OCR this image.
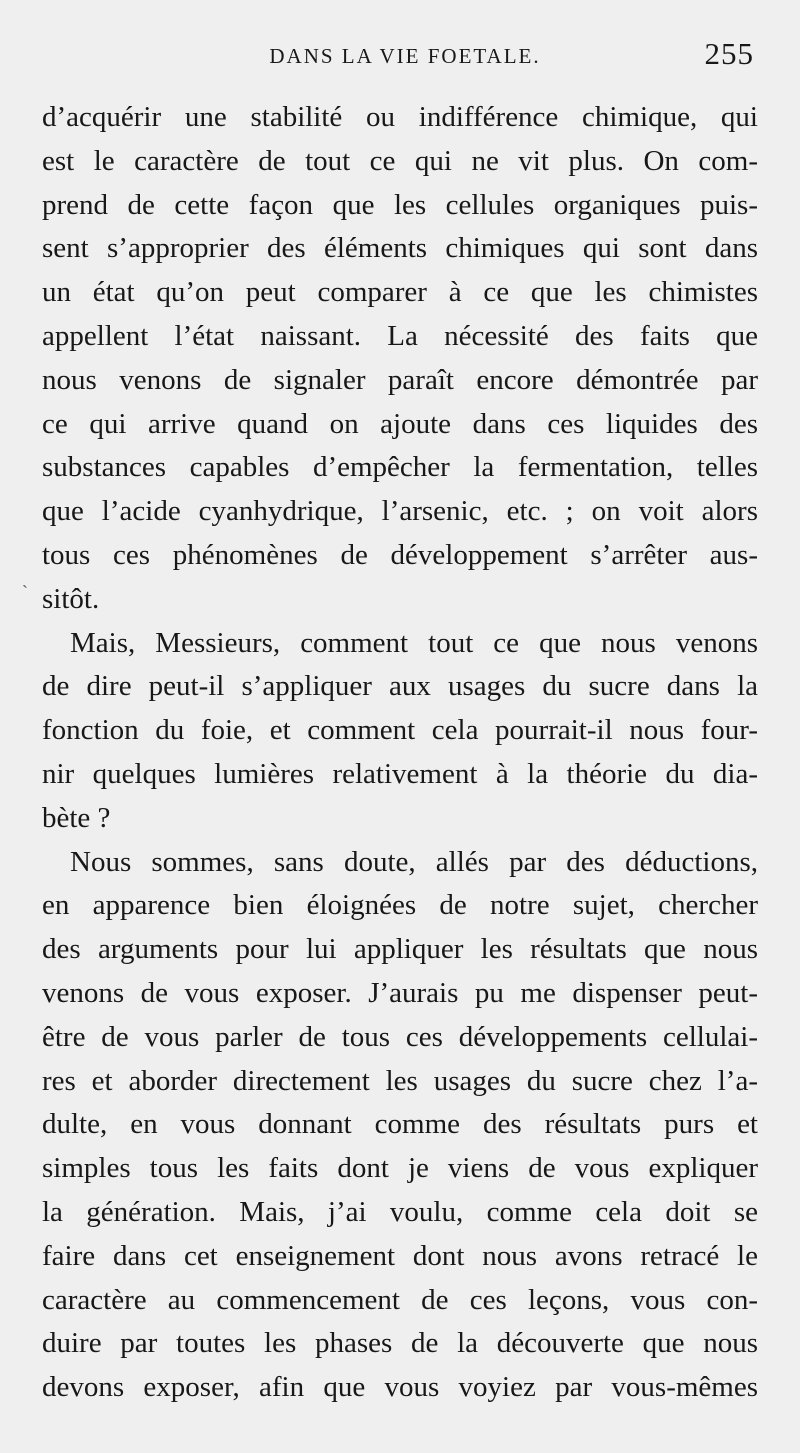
DANS LA VIE FOETALE.	255
`
d’acquérir une stabilité ou indifférence chimique, qui
est le caractère de tout ce qui ne vit plus. On com-
prend de cette façon que les cellules organiques puis-
sent s’approprier des éléments chimiques qui sont dans
un état qu’on peut comparer à ce que les chimistes
appellent l’état naissant. La nécessité des faits que
nous venons de signaler paraît encore démontrée par
ce qui arrive quand on ajoute dans ces liquides des
substances capables d’empêcher la fermentation, telles
que l’acide cyanhydrique, l’arsenic, etc. ; on voit alors
tous ces phénomènes de développement s’arrêter aus-
sitôt.
Mais, Messieurs, comment tout ce que nous venons
de dire peut-il s’appliquer aux usages du sucre dans la
fonction du foie, et comment cela pourrait-il nous four-
nir quelques lumières relativement à la théorie du dia-
bète ?
Nous sommes, sans doute, allés par des déductions,
en apparence bien éloignées de notre sujet, chercher
des arguments pour lui appliquer les résultats que nous
venons de vous exposer. J’aurais pu me dispenser peut-
être de vous parler de tous ces développements cellulai-
res et aborder directement les usages du sucre chez l’a-
dulte, en vous donnant comme des résultats purs et
simples tous les faits dont je viens de vous expliquer
la génération. Mais, j’ai voulu, comme cela doit se
faire dans cet enseignement dont nous avons retracé le
caractère au commencement de ces leçons, vous con-
duire par toutes les phases de la découverte que nous
devons exposer, afin que vous voyiez par vous-mêmes
